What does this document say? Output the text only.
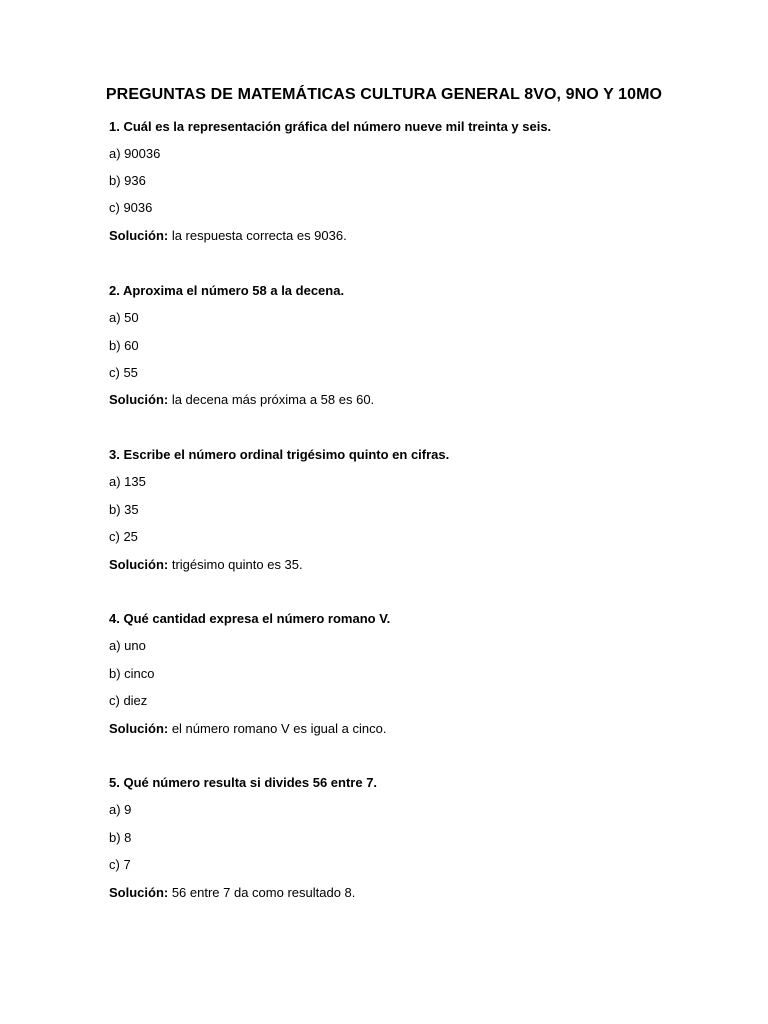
PREGUNTAS DE MATEMÁTICAS CULTURA GENERAL 8VO, 9NO Y 10MO
1. Cuál es la representación gráfica del número nueve mil treinta y seis.
a) 90036
b) 936
c) 9036
Solución: la respuesta correcta es 9036.
2. Aproxima el número 58 a la decena.
a) 50
b) 60
c) 55
Solución: la decena más próxima a 58 es 60.
3. Escribe el número ordinal trigésimo quinto en cifras.
a) 135
b) 35
c) 25
Solución: trigésimo quinto es 35.
4. Qué cantidad expresa el número romano V.
a) uno
b) cinco
c) diez
Solución: el número romano V es igual a cinco.
5. Qué número resulta si divides 56 entre 7.
a) 9
b) 8
c) 7
Solución: 56 entre 7 da como resultado 8.
